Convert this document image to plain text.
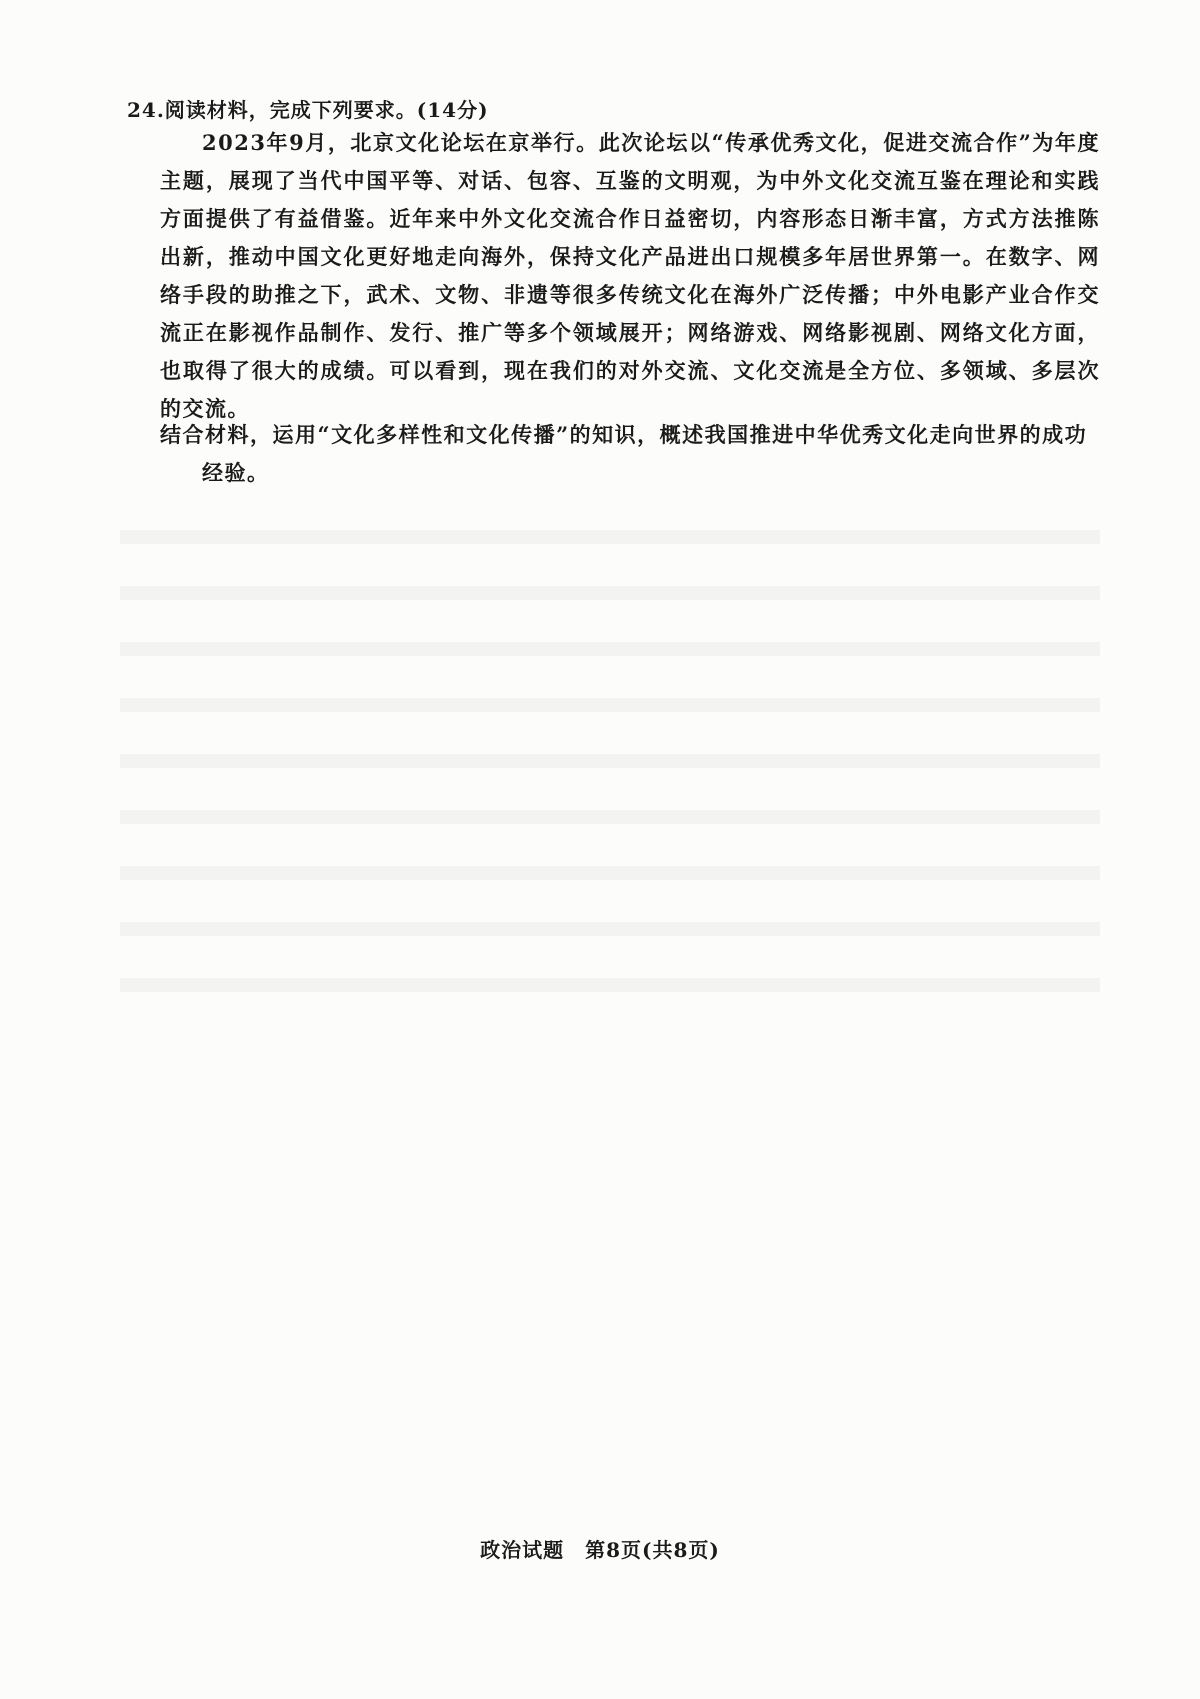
24.阅读材料，完成下列要求。(14分)

2023年9月，北京文化论坛在京举行。此次论坛以“传承优秀文化，促进交流合作”为年度主题，展现了当代中国平等、对话、包容、互鉴的文明观，为中外文化交流互鉴在理论和实践方面提供了有益借鉴。近年来中外文化交流合作日益密切，内容形态日渐丰富，方式方法推陈出新，推动中国文化更好地走向海外，保持文化产品进出口规模多年居世界第一。在数字、网络手段的助推之下，武术、文物、非遗等很多传统文化在海外广泛传播；中外电影产业合作交流正在影视作品制作、发行、推广等多个领域展开；网络游戏、网络影视剧、网络文化方面，也取得了很大的成绩。可以看到，现在我们的对外交流、文化交流是全方位、多领域、多层次的交流。

结合材料，运用“文化多样性和文化传播”的知识，概述我国推进中华优秀文化走向世界的成功经验。

政治试题　第8页(共8页)
